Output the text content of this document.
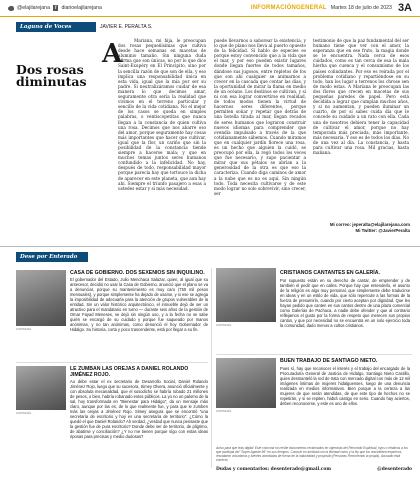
@elajilarejana	f diarioelajilarejana	INFORMACIÓNGENERAL Martes 18 de julio de 2023 3A
Laguna de Voces	JAVIER E. PERALTA S.
Dos rosas diminutas
A	Mariana, mi hija, le preocupan dos rosas pequeñísimas que cultiva desde hace semanas en macetas de aluminio tamaño. Sin ninguna duda afirma que son únicas, no por lo que dice Saint-Exupéry en El Principito, sino por la sencilla razón de que son de ella, y eso implica una responsabilidad única en esta vida, igual que la mía por ser su padre. Si neutralizáramos cuidar de esa manera lo que decimos amar, seguramente otra sería la realidad que vivimos en el terreno particular y sencillo de la vida cotidiana. No el mejor de los casos se queda en simples palabras, o ventiscopetitas que nunca llegan a la constancia de quien cultiva una rosa. Decimos que nos abarre oso del amor, porque seguramente hay cosas más importantes que hacer que cultivar, igual que la flor, un cariño que sin la posibilidad de la constancia tiende siempre a hacerse mala; y que en muchos temas juntos seres humanos confundido a la infelicidad. No hay, después de todo, responsabilidad mayor porque parecía hay que tortouce la dicha de aparecer en este planeta, que aun hay ahí. Siempre el triunfo pasajero a esas a ustedes estar y si más necesidad.
puede llevarnos a saborear la existencia, y lo que de plano nos lleva al puerto opuesto de la felicidad. Si hablo de especies es porque estoy convencido que a la vida que el mar, y por eso pueden existir lugares donde llegan fuertes de todos tamaños, dándose sus jugosos, entre repletos de fos que son ahí cualquier se animarnos a crecer en la cascada que contar las días, y la oportunidad de mirar la flama en medio de un océano. Los destinos se cultivan, y sí ni con esa lograr convertirse en realidad, de todos modos tienen la virtud de hacernos seres diferentes, porque permiten soñar y repetar que detrás de una botella tirada al mar, llegan recados de seres humanos que lograron construir nuevos idiomas para comprender que ovendía impulsado a través de la que cotidianamente sábemos. Cuando miramos que en cualquier jardín florece una rosa, es un hecho que alguien la cuidó, se preocupó por ella, la regó todos los veces que fue necesario, y supo pacientar a mirar que sus pétalos se abrían a la generosidad de la otra es que eso la caracteriza. Cuando diga caminos de amor a la nube que es no es aquí. Sin ningún todo. Toda necesita cultivarse y de este modo lograr no solo sobrevivir, sino crecer, ser
testimonio de que la paz fundamental del ser humano tiene que ver con el amor, la esperanza que en ese fruto, la magia donde se le encuentra. Nada cerca de esos cuidados, como es tan cerca de esa la mala hierba que cuenca y el consumismo de los países colindantes. Por eso es reirada por el problema cotidiano y repartiéndose en su todo, han los lugar a terrenos los chrose sen de modo estas. A Mariana le preocupan las dos flores que crecen en macetas de sus pequeñas paredes de papel. Pero está decidida a lograr que cumplan muchos años, y si no aumentan, y pueden iluminar un cuarto, de por sí sabes cuida día que le concede su cuidado a un rato con ella. Cada una de nosotros debiera tener la capacidad de cultivar el amor, porque no hay temporada más preciada, más importante, más necesaria. Y eso es de todos los días. No de una vez al día. La constancia, y hasta para cultivar una rosa. Mil gracias, hasta mañana.
Mi correo: jeperalta@elajilarejana.com
Mi Twitter: @JavierPeralta
Dese por Enterado
CORTESÍA
CASA DE GOBIERNO. DOS SEXENIOS SIN INQUILINO.
El gobernador del Estado, Julio Menchaca Salazar, quien, al igual que su antecesor, decidió no usar la Casa de Gobierno, anunció que el plano se va a denunciar, porque su mantenimiento es muy caro (750 mil pesos mensuales), y porque simplemente ha dejado de usarse, y si ese se agrega la imposibilidad de adecuarla para la atención de grupos vulnerables de la entidad. Sin un valor histórico arquitectónico, el inmueble dejó de ser un atractivo para el mandatario en turno — durante seis años de la gestión de Omar Fayad Meneses, se dejó sin ningún uso, y a la fecha no se sabe quién se encargó de su cuidado y porque fue saqueado por manos anónimas, y no tan anónimas, como denunció el hoy Gobernador de Hidalgo. Su historia, corta y poco trascendente, está por llegar a su fin.
CORTESÍA
LE ZUMBAN LAS OREJAS A DANIEL ROLANDO JIMÉNEZ ROJO.
Ao debe estar el ex secretario de Desarrollo Social, Daniel Rolando Jiménez Rojo, luego que su sucesora, Simey Olvera, anunció oficialmente y con absoluta mecanalidad, que el susodicho se habría robado 21 millones de pesos, o bien, habría robanado estos públicos. La yo no un palomo de la sal, hoy transformada en "Bienestar para Hidalgo", da un mensaje más claro, aunque por las es, de lo que realmente fue, y para que le zumben más las orejas a Jiménez Rojo. Simey asegura que se encontró "una secretaría de escritorio y hoy es una secretaría de territorio". ¿Cómo la quedó el que Daniel Rolando? Ah verdad, ¿verdad que nunca pensaste que la gestión fue de pura escritorio? Donde debe ser de territorio, de pligrimo, de abatirse y conciliación? ¿Y no me tienen porque sígo con estas ideas riposas para precisas y medio dudosas?
CORTESÍA
CRISTIANOS CANTANTES EN GALERÍA.
Por supuesto están en su derecho de cantar, de emprender y de también el pedir que en calles. Porque hay que entenderlo, el asunto de la religión es algo muy personal, que simplemente debe traducirse en ideas y en un estilo de vida, que sólo repercute a las formas de la fuerza de presumirlo, cuando por cierto aceptan por dignidad. Que les hayan pedido que canten en sus cantos dentro de una plaza comercial como Galerías de Pachuca, a nadie debe ofender y que al contrario reflejamos el gusto por la forma de respeto que merecen sus propios cantos, y que por necesidad no se encuentra en un solo ejercicio toda la comunidad, dado menos a cultos cristianos.
CORTESÍA
BUEN TRABAJO DE SANTIAGO NIETO.
Pues sí, hay que reconocer el interés y el trabajo del encargado de la Procuraduría General de Justicia de Hidalgo, Santiago Nieto Castillo, quien desmanteló la red de trata con mercado digital con más de 12 mil imágenes íntimas de mujeres hidalguenses, luego de una denuncia realizada en medios informativos. Bien porque a la certeza a las mujeres de que serán atendidas, de que este tipo de hechos no se repetirán, y si se repiten, habrá castigo en serio. Cuando hay aciertos, deben reconocerse, y este es uno de ellos.
Aviso para que leas digital: Este columna no recibe documentos reclamados en vigencias del Recorrido Espiritual, riyos o relativos a los que participa del "Super Agente 86" en sus tiempos. Conoció en amistad con la libertad como y la ley que los rescindiera empíricos, rescataron voluntarios y fuentes acordadas de forma de la naturalidad y propósito (Personas Recorriendo la propia). Acusado está correcto.
Dudas y comentarios: desenterado@gmail.com	@desenterado
